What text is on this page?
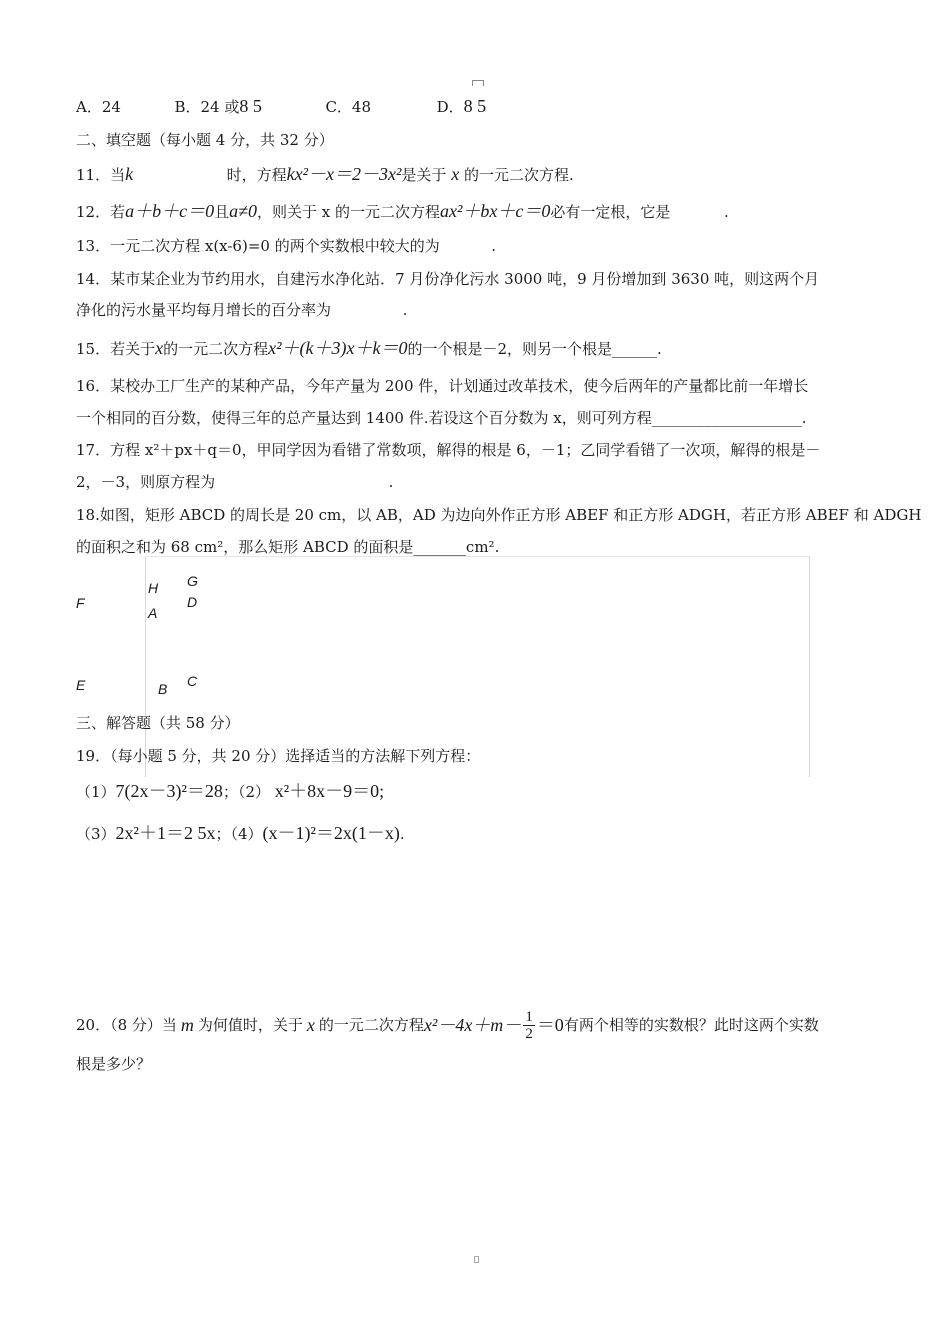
A．24	B．24 或8 5	C．48	D．8 5
二、填空题（每小题 4 分，共 32 分）
11．当k	时，方程kx²－x＝2－3x²是关于 x 的一元二次方程.
12．若a＋b＋c＝0且a≠0，则关于 x 的一元二次方程ax²＋bx＋c＝0必有一定根，它是	.
13．一元二次方程 x(x-6)=0 的两个实数根中较大的为	.
14．某市某企业为节约用水，自建污水净化站．7 月份净化污水 3000 吨，9 月份增加到 3630 吨，则这两个月
净化的污水量平均每月增长的百分率为	.
15．若关于x的一元二次方程x²＋(k＋3)x＋k＝0的一个根是－2，则另一个根是______.
16．某校办工厂生产的某种产品，今年产量为 200 件，计划通过改革技术，使今后两年的产量都比前一年增长
一个相同的百分数，使得三年的总产量达到 1400 件.若设这个百分数为 x，则可列方程____________________.
17．方程 x²＋px＋q＝0，甲同学因为看错了常数项，解得的根是 6，－1；乙同学看错了一次项，解得的根是－
2，－3，则原方程为	.
18.如图，矩形 ABCD 的周长是 20 cm，以 AB，AD 为边向外作正方形 ABEF 和正方形 ADGH，若正方形 ABEF 和 ADGH
的面积之和为 68 cm²，那么矩形 ABCD 的面积是_______cm².
F
H G
A
D
E	B C
三、解答题（共 58 分）
19．（每小题 5 分，共 20 分）选择适当的方法解下列方程：
（1）7(2x－3)²＝28；（2） x²＋8x－9＝0;
（3）2x²＋1＝2 5x；（4）(x－1)²＝2x(1－x).
20．（8 分）当 m 为何值时，关于 x 的一元二次方程 $x^2-4x+m- \frac{1}{2} =0$ 有两个相等的实数根？此时这两个实数
根是多少？
